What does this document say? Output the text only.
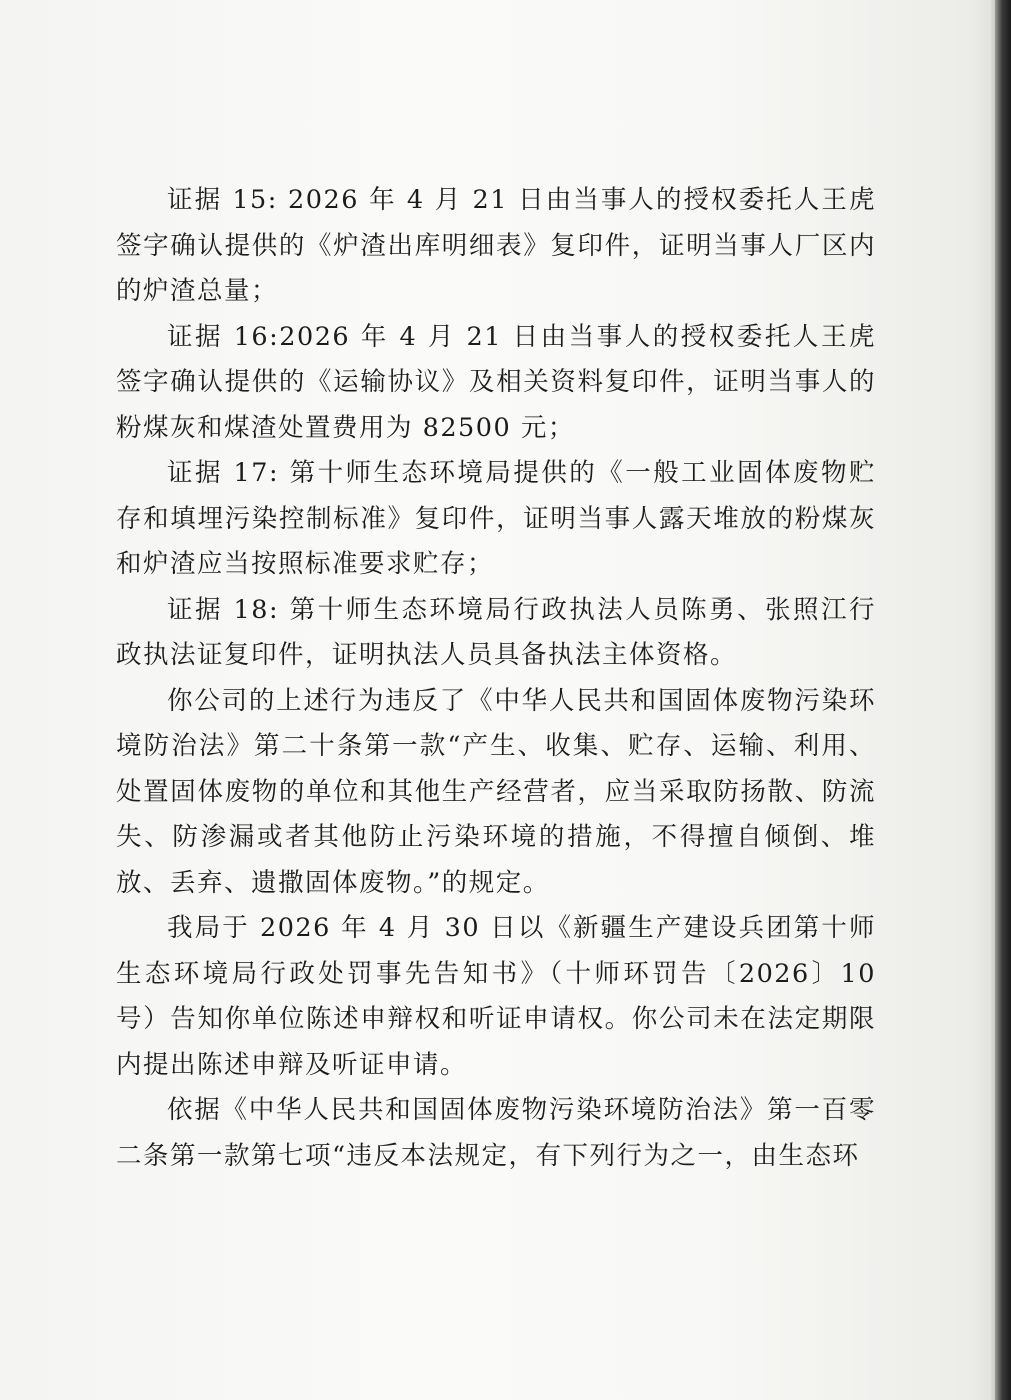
证据 15: 2026 年 4 月 21 日由当事人的授权委托人王虎签字确认提供的《炉渣出库明细表》复印件，证明当事人厂区内的炉渣总量；

证据 16:2026 年 4 月 21 日由当事人的授权委托人王虎签字确认提供的《运输协议》及相关资料复印件，证明当事人的粉煤灰和煤渣处置费用为 82500 元；

证据 17: 第十师生态环境局提供的《一般工业固体废物贮存和填埋污染控制标准》复印件，证明当事人露天堆放的粉煤灰和炉渣应当按照标准要求贮存；

证据 18: 第十师生态环境局行政执法人员陈勇、张照江行政执法证复印件，证明执法人员具备执法主体资格。

你公司的上述行为违反了《中华人民共和国固体废物污染环境防治法》第二十条第一款“产生、收集、贮存、运输、利用、处置固体废物的单位和其他生产经营者，应当采取防扬散、防流失、防渗漏或者其他防止污染环境的措施，不得擅自倾倒、堆放、丢弃、遗撒固体废物。”的规定。

我局于 2026 年 4 月 30 日以《新疆生产建设兵团第十师生态环境局行政处罚事先告知书》（十师环罚告〔2026〕10 号）告知你单位陈述申辩权和听证申请权。你公司未在法定期限内提出陈述申辩及听证申请。

依据《中华人民共和国固体废物污染环境防治法》第一百零二条第一款第七项“违反本法规定，有下列行为之一，由生态环
